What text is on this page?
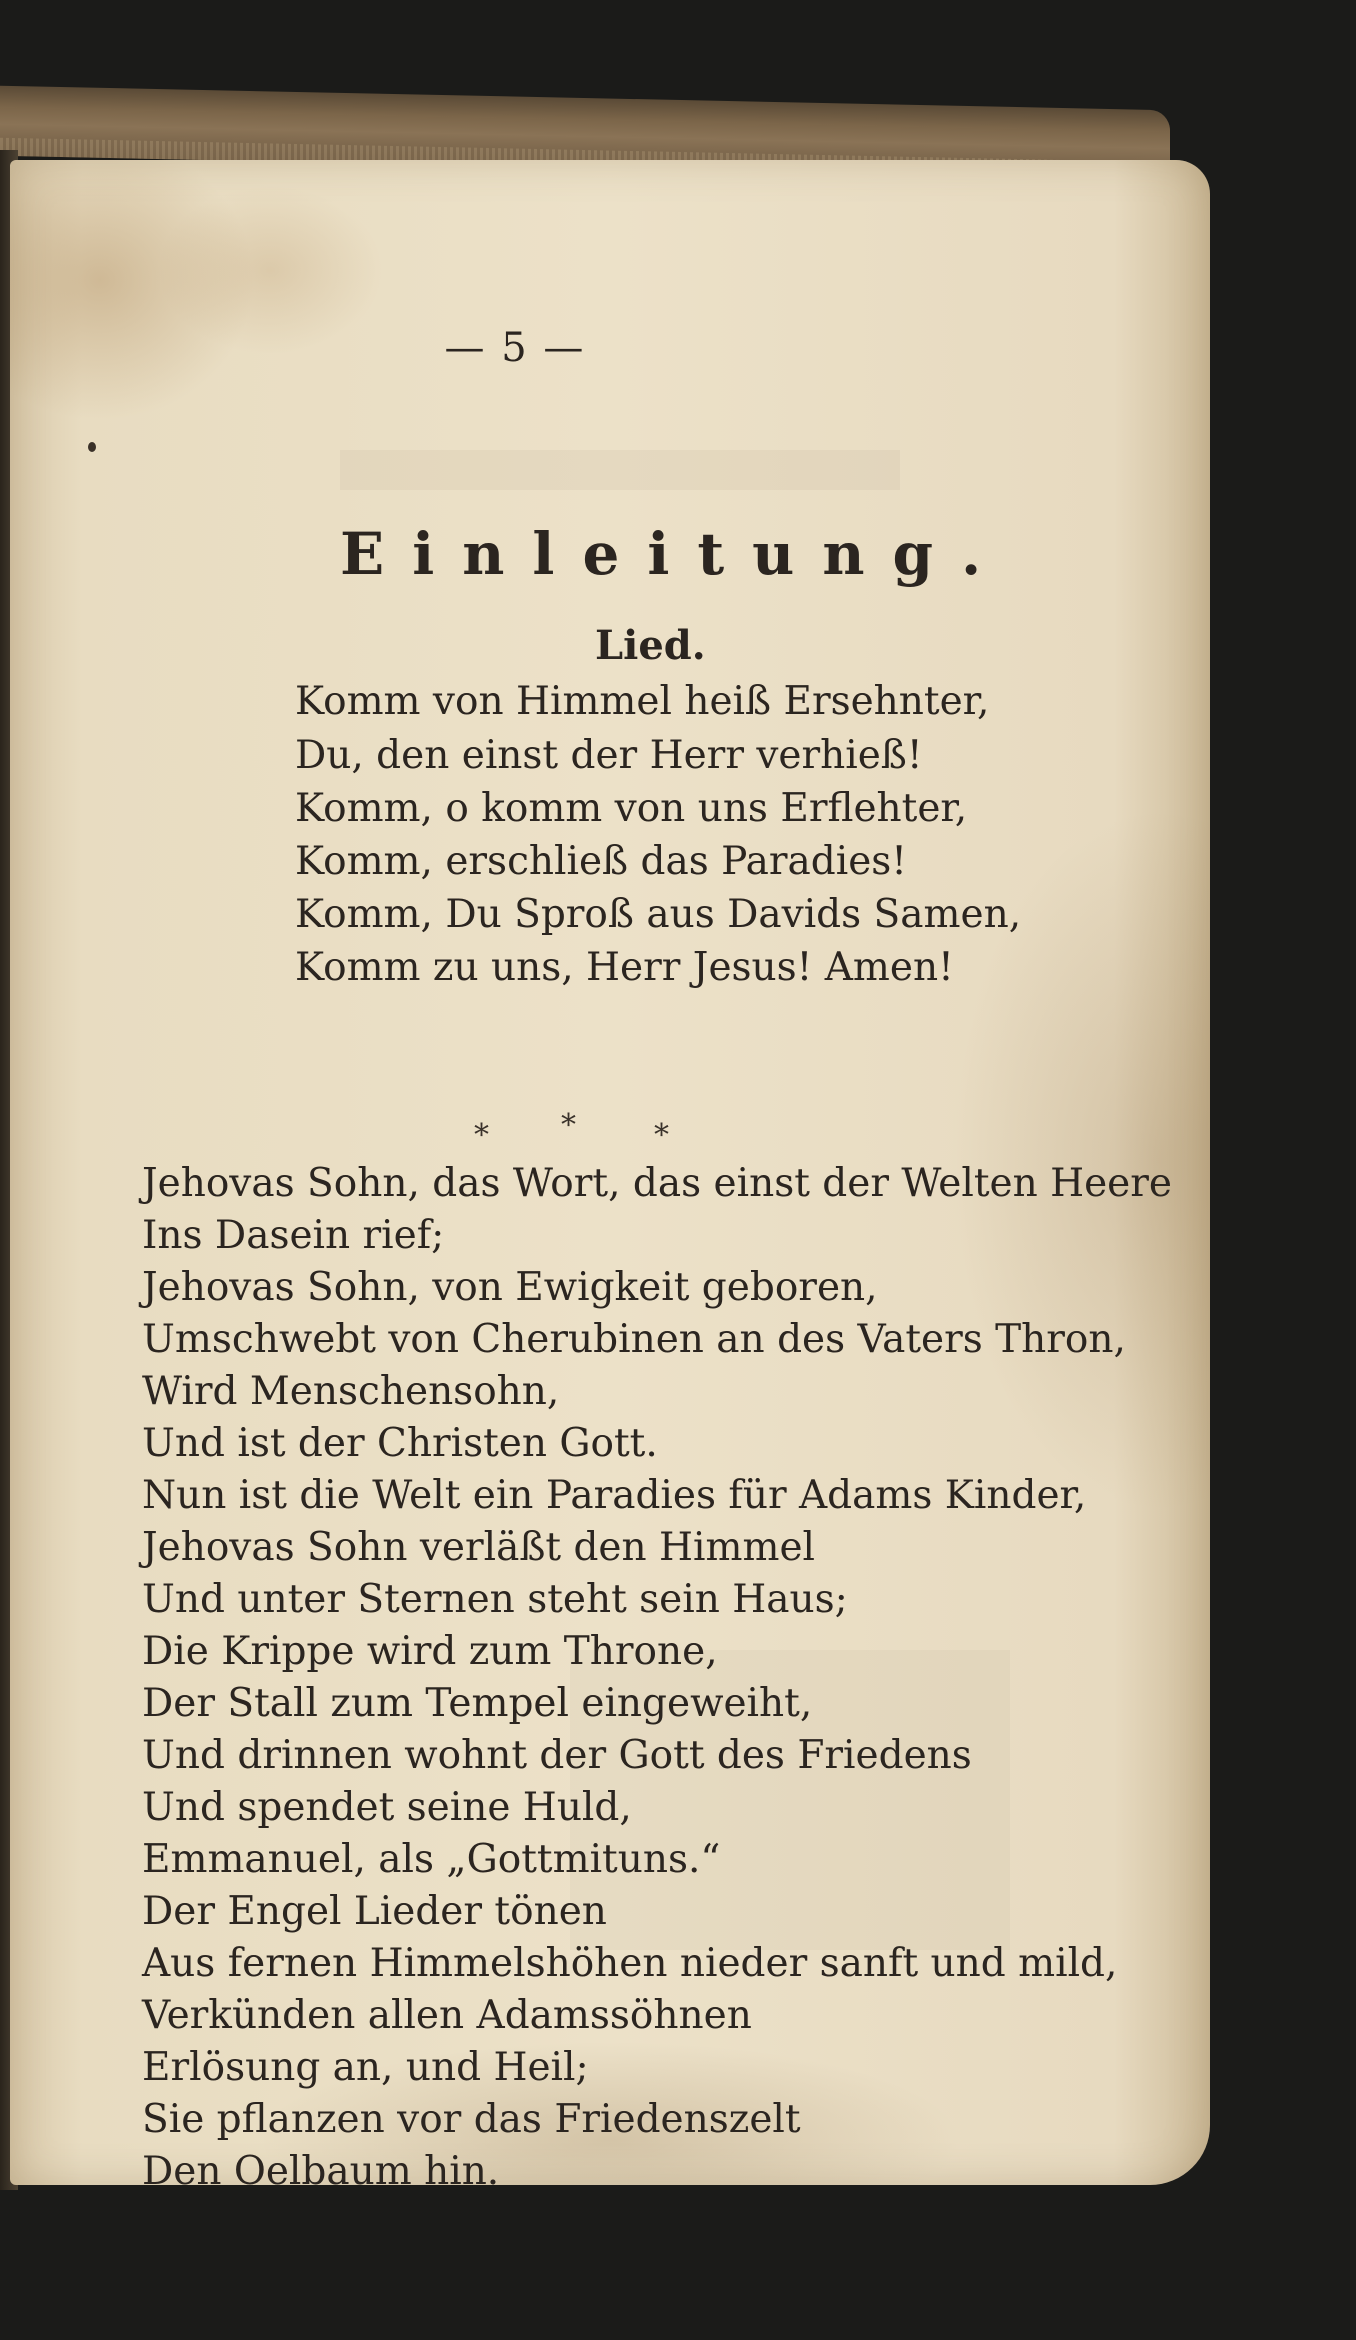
— 5 —
Einleitung.
Lied.
Komm von Himmel heiß Ersehnter,
Du, den einst der Herr verhieß!
Komm, o komm von uns Erflehter,
Komm, erschließ das Paradies!
Komm, Du Sproß aus Davids Samen,
Komm zu uns, Herr Jesus! Amen!
* *	*
Jehovas Sohn, das Wort, das einst der Welten Heere
Ins Dasein rief;
Jehovas Sohn, von Ewigkeit geboren,
Umschwebt von Cherubinen an des Vaters Thron,
Wird Menschensohn,
Und ist der Christen Gott.
Nun ist die Welt ein Paradies für Adams Kinder,
Jehovas Sohn verläßt den Himmel
Und unter Sternen steht sein Haus;
Die Krippe wird zum Throne,
Der Stall zum Tempel eingeweiht,
Und drinnen wohnt der Gott des Friedens
Und spendet seine Huld,
Emmanuel, als „Gottmituns.“
Der Engel Lieder tönen
Aus fernen Himmelshöhen nieder sanft und mild,
Verkünden allen Adamssöhnen
Erlösung an, und Heil;
Sie pflanzen vor das Friedenszelt
Den Oelbaum hin.
